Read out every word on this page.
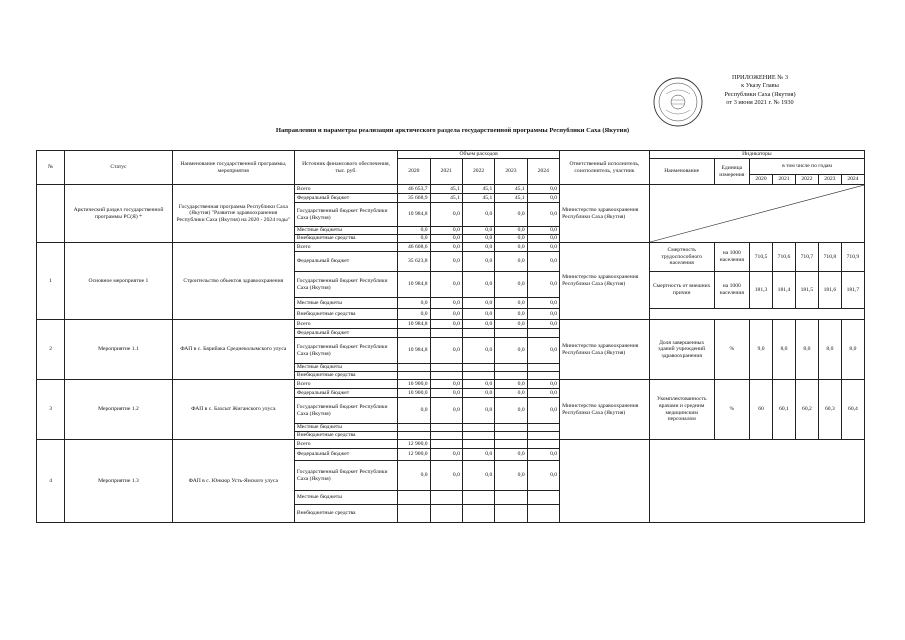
ПРИЛОЖЕНИЕ № 3
к Указу Главы
Республики Саха (Якутия)
от 3 июня 2021 г. № 1930
Направления и параметры реализации арктического раздела государственной программы Республики Саха (Якутия)
№	Статус	Наименование государственной программы, мероприятия	Источник финансового обеспечения, тыс. руб.	Объем расходов					Ответственный исполнитель, соисполнитель, участник	Индикаторы						
				2020	2021	2022	2023	2024		Наименование	Единица измерения	в том числе по годам				
												2020	2021	2022	2023	2024
	Арктический раздел государственной программы РС(Я) *	Государственная программа Республики Саха (Якутия) "Развитие здравоохранения Республики Саха (Якутия) на 2020 - 2024 годы"	Всего	46 653,7	45,1	45,1	45,1	0,0	Министерство здравоохранения Республики Саха (Якутия)	

			Федеральный бюджет	35 668,9	45,1	45,1	45,1	0,0								
			Государственный бюджет Республики Саха (Якутия)	10 984,8	0,0	0,0	0,0	0,0								
			Местные бюджеты	0,0	0,0	0,0	0,0	0,0								
			Внебюджетные средства	0,0	0,0	0,0	0,0	0,0								
1	Основное мероприятие 1	Строительство объектов здравоохранения	Всего	46 608,6	0,0	0,0	0,0	0,0	Министерство здравоохранения Республики Саха (Якутия)	Смертность трудоспособного населения	на 1000 населения	710,5	710,6	710,7	710,8	710,9
			Федеральный бюджет	35 623,8	0,0	0,0	0,0	0,0								
			Государственный бюджет Республики Саха (Якутия)	10 984,8	0,0	0,0	0,0	0,0		Смертность от внешних причин	на 1000 населения	181,3	181,4	181,5	181,6	181,7
			Местные бюджеты	0,0	0,0	0,0	0,0	0,0								
			Внебюджетные средства	0,0	0,0	0,0	0,0	0,0								
2	Мероприятие 1.1	ФАП в с. Бярийака Среднеколымского улуса	Всего	10 984,8	0,0	0,0	0,0	0,0	Министерство здравоохранения Республики Саха (Якутия)	Доля завершенных зданий учреждений здравоохранения	%	9,0	8,0	8,0	8,0	8,0
			Федеральный бюджет													
			Государственный бюджет Республики Саха (Якутия)	10 984,8	0,0	0,0	0,0	0,0								
			Местные бюджеты													
			Внебюджетные средства													
3	Мероприятие 1.2	ФАП в с. Бахсыт Жиганского улуса	Всего	10 900,0	0,0	0,0	0,0	0,0	Министерство здравоохранения Республики Саха (Якутия)	Укомплектованность врачами и средним медицинским персоналом	%	60	60,1	60,2	60,3	60,4
			Федеральный бюджет	10 900,0	0,0	0,0	0,0	0,0								
			Государственный бюджет Республики Саха (Якутия)	0,0	0,0	0,0	0,0	0,0								
			Местные бюджеты													
			Внебюджетные средства													
4	Мероприятие 1.3	ФАП в с. Юнкюр Усть-Янского улуса	Всего	12 900,0												
			Федеральный бюджет	12 900,0	0,0	0,0	0,0	0,0								
			Государственный бюджет Республики Саха (Якутия)	0,0	0,0	0,0	0,0	0,0								
			Местные бюджеты													
			Внебюджетные средства													
